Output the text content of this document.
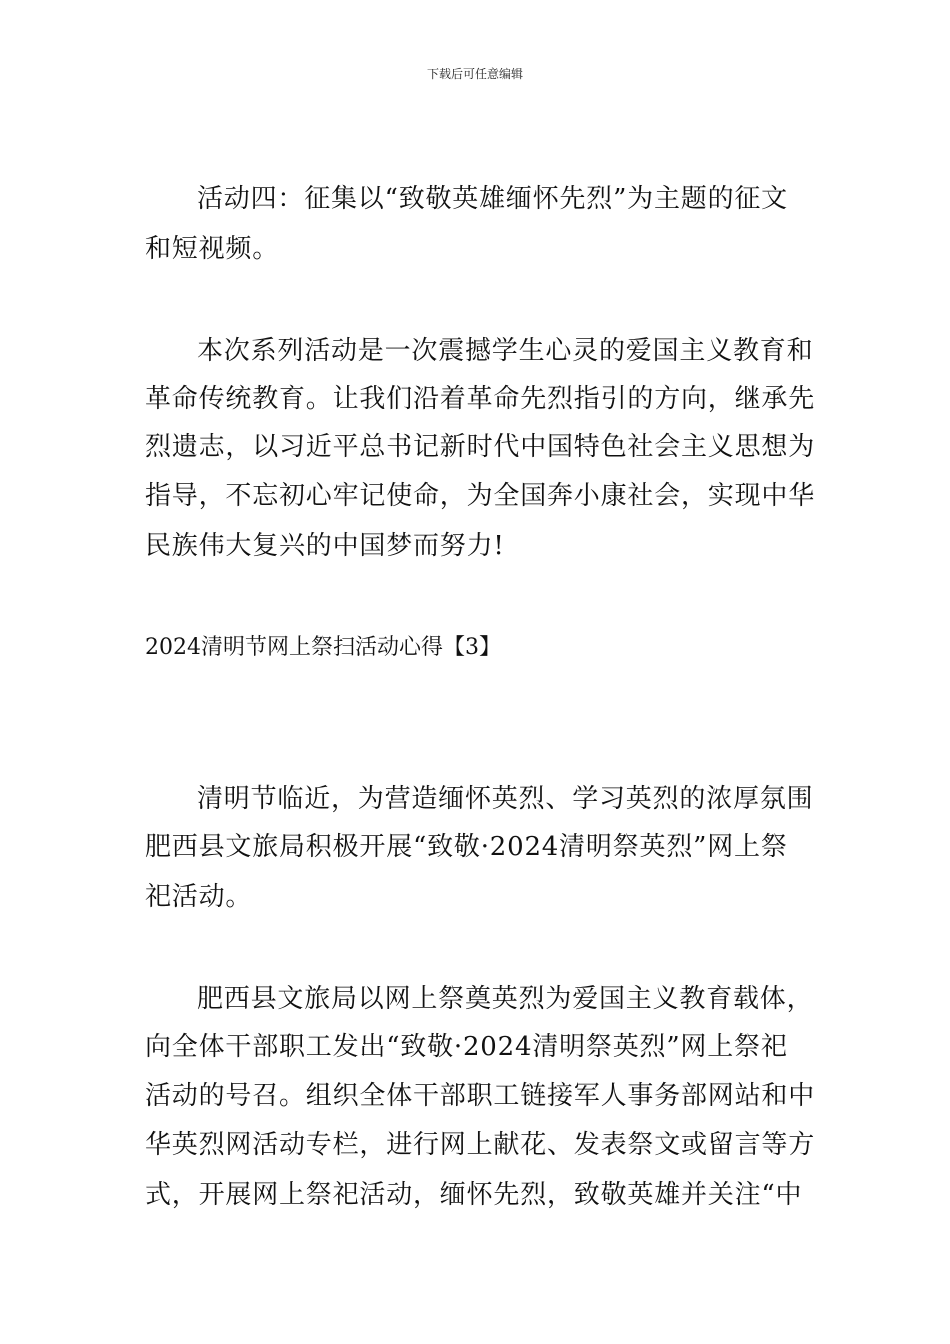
下载后可任意编辑
活动四：征集以“致敬英雄缅怀先烈”为主题的征文
和短视频。
本次系列活动是一次震撼学生心灵的爱国主义教育和
革命传统教育。让我们沿着革命先烈指引的方向，继承先
烈遗志，以习近平总书记新时代中国特色社会主义思想为
指导，不忘初心牢记使命，为全国奔小康社会，实现中华
民族伟大复兴的中国梦而努力!
2024清明节网上祭扫活动心得【3】
清明节临近，为营造缅怀英烈、学习英烈的浓厚氛围
肥西县文旅局积极开展“致敬·2024清明祭英烈”网上祭
祀活动。
肥西县文旅局以网上祭奠英烈为爱国主义教育载体，
向全体干部职工发出“致敬·2024清明祭英烈”网上祭祀
活动的号召。组织全体干部职工链接军人事务部网站和中
华英烈网活动专栏，进行网上献花、发表祭文或留言等方
式，开展网上祭祀活动，缅怀先烈，致敬英雄并关注“中
